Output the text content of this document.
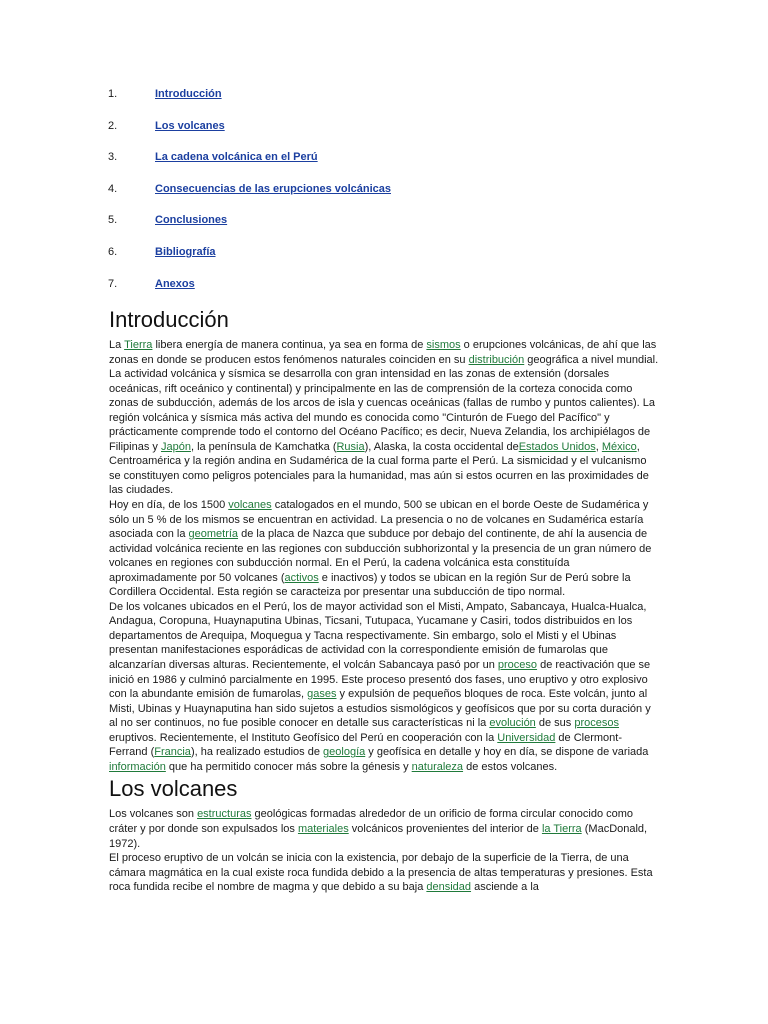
1.	Introducción
2.	Los volcanes
3.	La cadena volcánica en el Perú
4.	Consecuencias de las erupciones volcánicas
5.	Conclusiones
6.	Bibliografía
7.	Anexos
Introducción

La Tierra libera energía de manera continua, ya sea en forma de sismos o erupciones volcánicas, de ahí que las zonas en donde se producen estos fenómenos naturales coinciden en su distribución geográfica a nivel mundial. La actividad volcánica y sísmica se desarrolla con gran intensidad en las zonas de extensión (dorsales oceánicas, rift oceánico y continental) y principalmente en las de comprensión de la corteza conocida como zonas de subducción, además de los arcos de isla y cuencas oceánicas (fallas de rumbo y puntos calientes). La región volcánica y sísmica más activa del mundo es conocida como "Cinturón de Fuego del Pacífico" y prácticamente comprende todo el contorno del Océano Pacífico; es decir, Nueva Zelandia, los archipiélagos de Filipinas y Japón, la península de Kamchatka (Rusia), Alaska, la costa occidental deEstados Unidos, México, Centroamérica y la región andina en Sudamérica de la cual forma parte el Perú. La sismicidad y el vulcanismo se constituyen como peligros potenciales para la humanidad, mas aún si estos ocurren en las proximidades de las ciudades.

Hoy en día, de los 1500 volcanes catalogados en el mundo, 500 se ubican en el borde Oeste de Sudamérica y sólo un 5 % de los mismos se encuentran en actividad. La presencia o no de volcanes en Sudamérica estaría asociada con la geometría de la placa de Nazca que subduce por debajo del continente, de ahí la ausencia de actividad volcánica reciente en las regiones con subducción subhorizontal y la presencia de un gran número de volcanes en regiones con subducción normal. En el Perú, la cadena volcánica esta constituída aproximadamente por 50 volcanes (activos e inactivos) y todos se ubican en la región Sur de Perú sobre la Cordillera Occidental. Esta región se caracteiza por presentar una subducción de tipo normal.

De los volcanes ubicados en el Perú, los de mayor actividad son el Misti, Ampato, Sabancaya, Hualca-Hualca, Andagua, Coropuna, Huaynaputina Ubinas, Ticsani, Tutupaca, Yucamane y Casiri, todos distribuidos en los departamentos de Arequipa, Moquegua y Tacna respectivamente. Sin embargo, solo el Misti y el Ubinas presentan manifestaciones esporádicas de actividad con la correspondiente emisión de fumarolas que alcanzarían diversas alturas. Recientemente, el volcán Sabancaya pasó por un proceso de reactivación que se inició en 1986 y culminó parcialmente en 1995. Este proceso presentó dos fases, uno eruptivo y otro explosivo con la abundante emisión de fumarolas, gases y expulsión de pequeños bloques de roca. Este volcán, junto al Misti, Ubinas y Huaynaputina han sido sujetos a estudios sismológicos y geofísicos que por su corta duración y al no ser continuos, no fue posible conocer en detalle sus características ni la evolución de sus procesos eruptivos. Recientemente, el Instituto Geofísico del Perú en cooperación con la Universidad de Clermont-Ferrand (Francia), ha realizado estudios de geología y geofísica en detalle y hoy en día, se dispone de variada información que ha permitido conocer más sobre la génesis y naturaleza de estos volcanes.

Los volcanes

Los volcanes son estructuras geológicas formadas alrededor de un orificio de forma circular conocido como cráter y por donde son expulsados los materiales volcánicos provenientes del interior de la Tierra (MacDonald, 1972).

El proceso eruptivo de un volcán se inicia con la existencia, por debajo de la superficie de la Tierra, de una cámara magmática en la cual existe roca fundida debido a la presencia de altas temperaturas y presiones. Esta roca fundida recibe el nombre de magma y que debido a su baja densidad asciende a la
